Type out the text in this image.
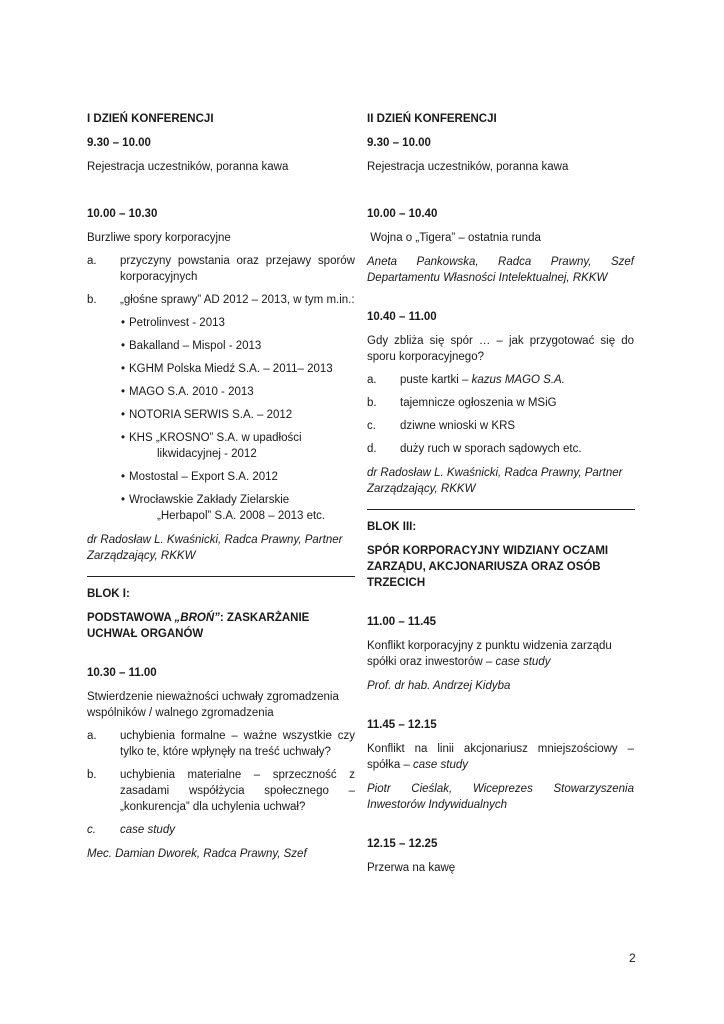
I DZIEŃ KONFERENCJI

9.30 – 10.00

Rejestracja uczestników, poranna kawa

10.00 – 10.30

Burzliwe spory korporacyjne

a.	przyczyny powstania oraz przejawy sporów korporacyjnych
b.	„głośne sprawy” AD 2012 – 2013, w tym m.in.:
• Petrolinvest - 2013
• Bakalland – Mispol - 2013
• KGHM Polska Miedź S.A. – 2011– 2013
• MAGO S.A. 2010 - 2013
• NOTORIA SERWIS S.A. – 2012
• KHS „KROSNO” S.A. w upadłości
likwidacyjnej - 2012
• Mostostal – Export S.A. 2012
• Wrocławskie Zakłady Zielarskie
„Herbapol” S.A. 2008 – 2013 etc.

dr Radosław L. Kwaśnicki, Radca Prawny, Partner Zarządzający, RKKW

BLOK I:

PODSTAWOWA „BROŃ”: ZASKARŻANIE UCHWAŁ ORGANÓW

10.30 – 11.00

Stwierdzenie nieważności uchwały zgromadzenia wspólników / walnego zgromadzenia

a.	uchybienia formalne – ważne wszystkie czy tylko te, które wpłynęły na treść uchwały?
b.	uchybienia materialne – sprzeczność z zasadami współżycia społecznego – „konkurencja” dla uchylenia uchwał?
c.	case study

Mec. Damian Dworek, Radca Prawny, Szef

II DZIEŃ KONFERENCJI

9.30 – 10.00

Rejestracja uczestników, poranna kawa

10.00 – 10.40

Wojna o „Tigera” – ostatnia runda

Aneta Pankowska, Radca Prawny, Szef Departamentu Własności Intelektualnej, RKKW

10.40 – 11.00

Gdy zbliża się spór … – jak przygotować się do sporu korporacyjnego?

a.	puste kartki – kazus MAGO S.A.
b.	tajemnicze ogłoszenia w MSiG
c.	dziwne wnioski w KRS
d.	duży ruch w sporach sądowych etc.

dr Radosław L. Kwaśnicki, Radca Prawny, Partner Zarządzający, RKKW

BLOK III:

SPÓR KORPORACYJNY WIDZIANY OCZAMI ZARZĄDU, AKCJONARIUSZA ORAZ OSÓB TRZECICH

11.00 – 11.45

Konflikt korporacyjny z punktu widzenia zarządu spółki oraz inwestorów – case study

Prof. dr hab. Andrzej Kidyba

11.45 – 12.15

Konflikt na linii akcjonariusz mniejszościowy – spółka – case study

Piotr Cieślak, Wiceprezes Stowarzyszenia Inwestorów Indywidualnych

12.15 – 12.25

Przerwa na kawę

2
